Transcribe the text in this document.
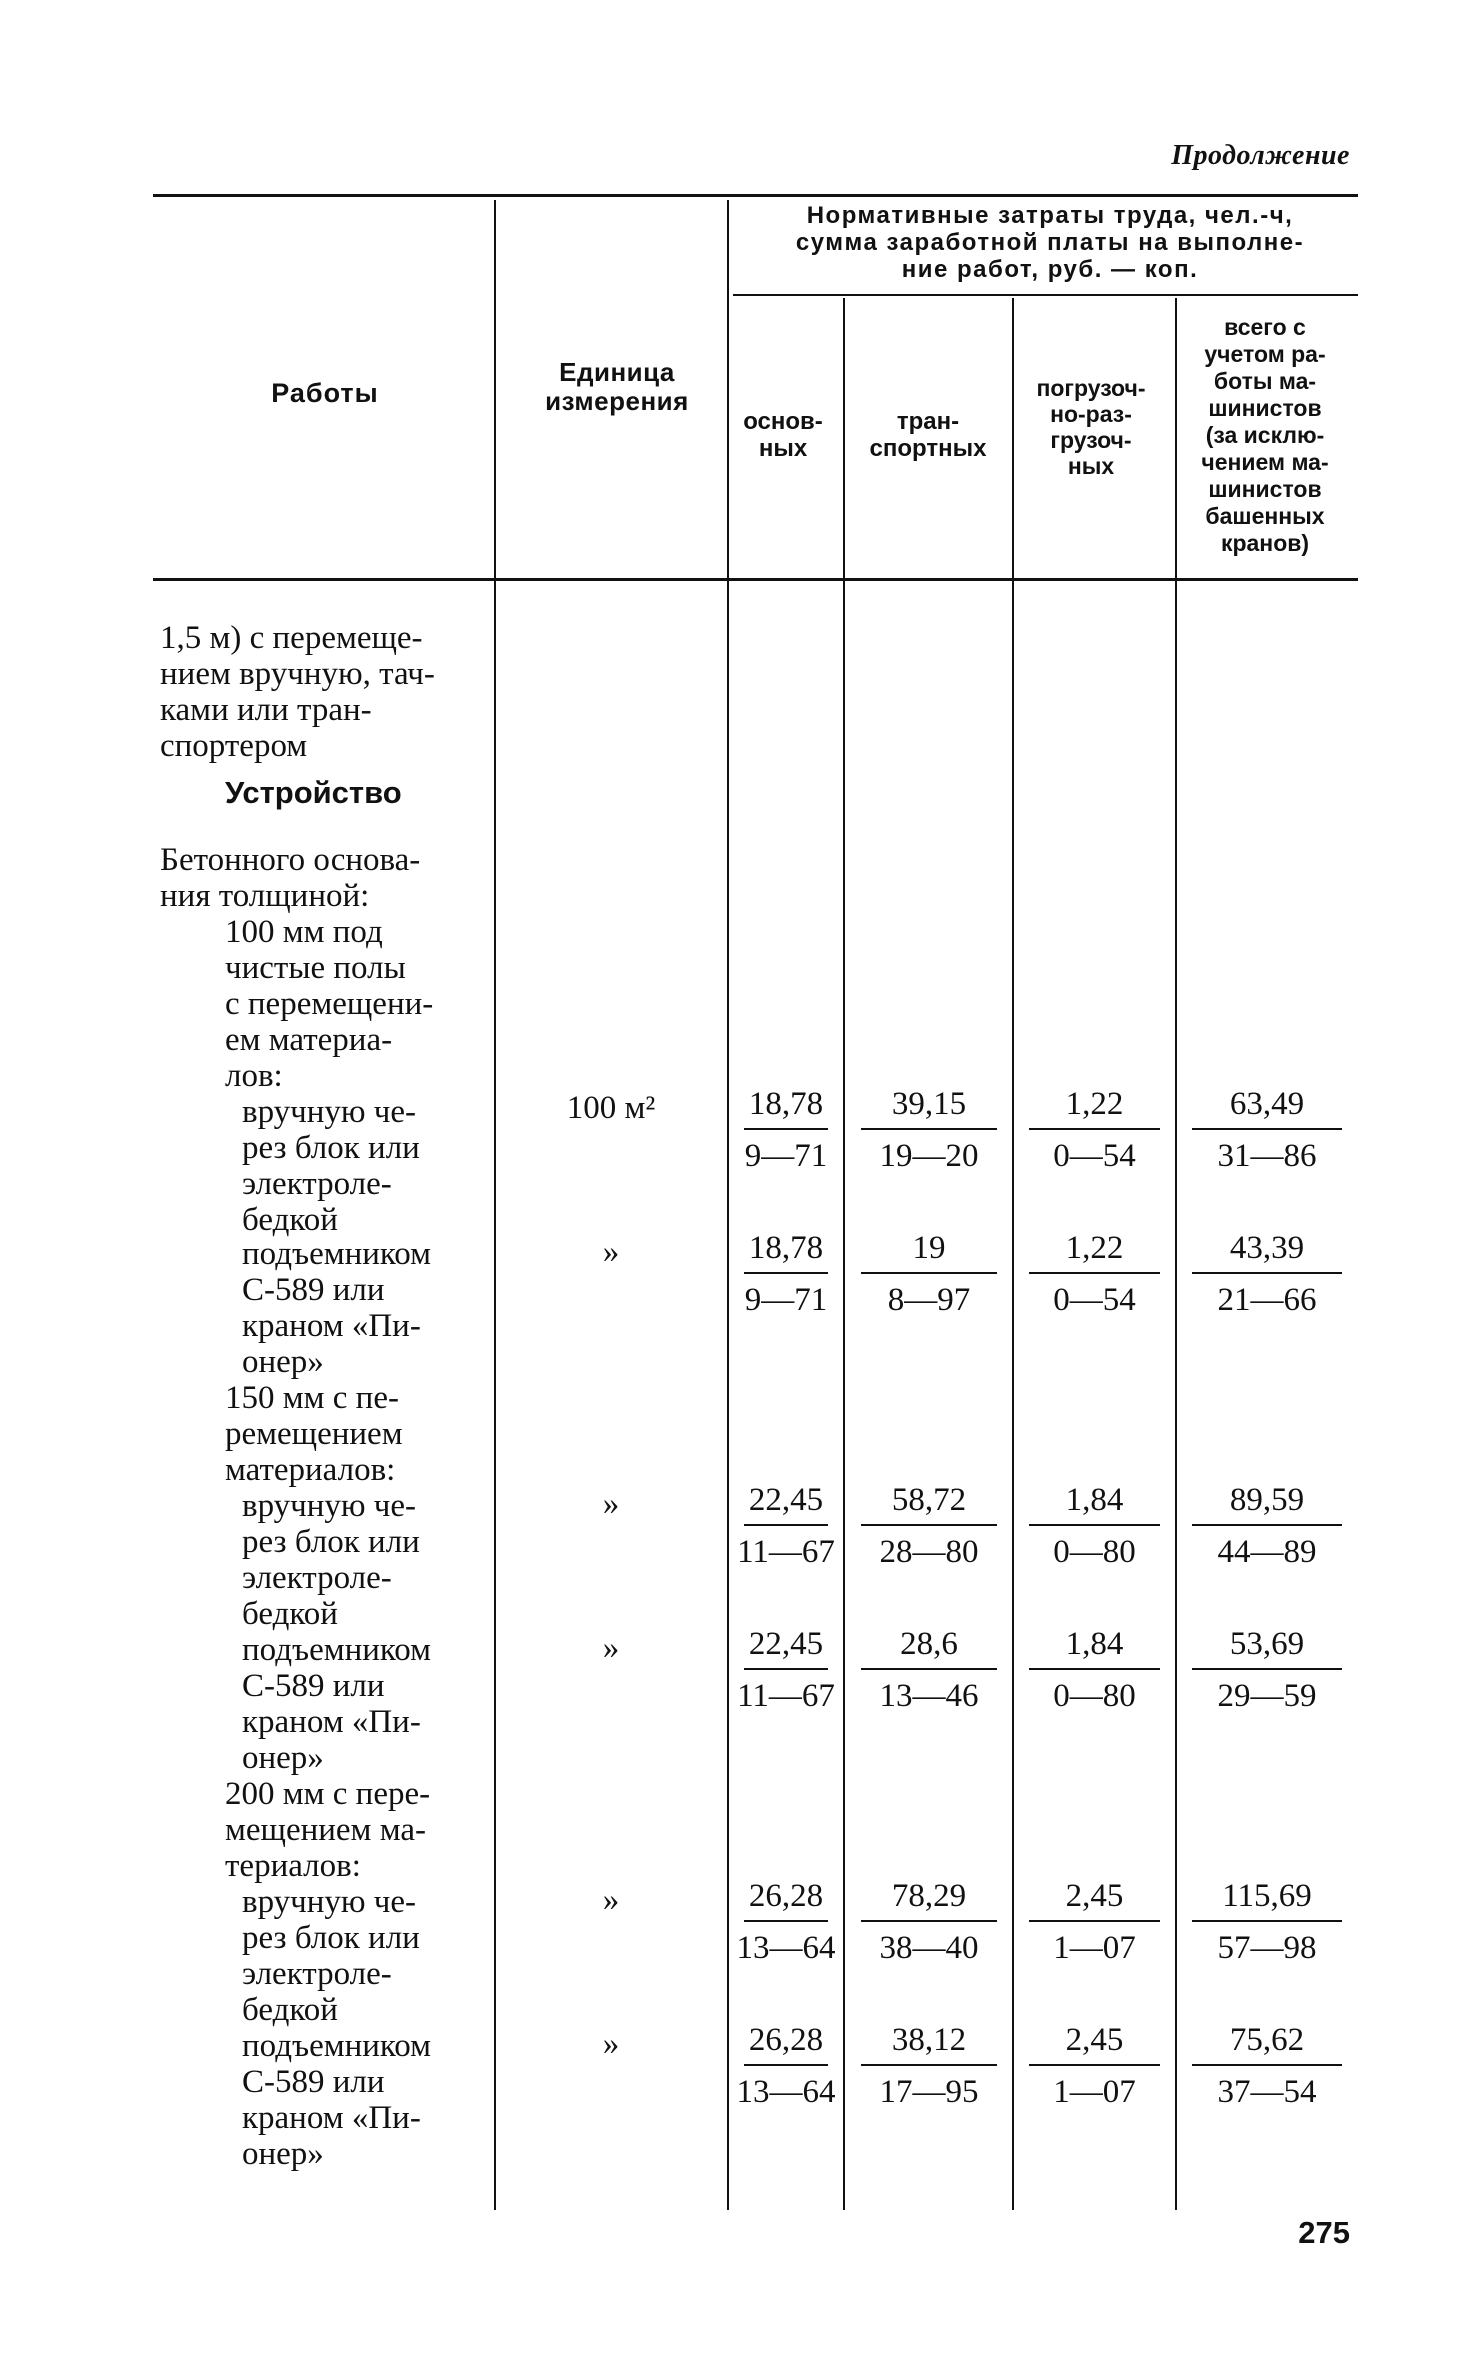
Продолжение
Работы
Единица
измерения
Нормативные затраты труда, чел.-ч,
сумма заработной платы на выполне-
ние работ, руб. — коп.
основ-
ных
тран-
спортных
погрузоч-
но-раз-
грузоч-
ных
всего с
учетом ра-
боты ма-
шинистов
(за исклю-
чением ма-
шинистов
башенных
кранов)
1,5 м) с перемеще-
нием вручную, тач-
ками или тран-
спортером
Устройство
Бетонного основа-
ния толщиной:
100 мм под
чистые полы
с перемещени-
ем материа-
лов:
вручную че-
рез блок или
электроле-
бедкой
подъемником
С-589 или
краном «Пи-
онер»
150 мм с пе-
ремещением
материалов:
вручную че-
рез блок или
электроле-
бедкой
подъемником
С-589 или
краном «Пи-
онер»
200 мм с пере-
мещением ма-
териалов:
вручную че-
рез блок или
электроле-
бедкой
подъемником
С-589 или
краном «Пи-
онер»
100 м²
»
»
»
»
»
18,78
9—71
39,15
19—20
1,22
0—54
63,49
31—86
18,78
9—71
19
8—97
1,22
0—54
43,39
21—66
22,45
11—67
58,72
28—80
1,84
0—80
89,59
44—89
22,45
11—67
28,6
13—46
1,84
0—80
53,69
29—59
26,28
13—64
78,29
38—40
2,45
1—07
115,69
57—98
26,28
13—64
38,12
17—95
2,45
1—07
75,62
37—54
275
